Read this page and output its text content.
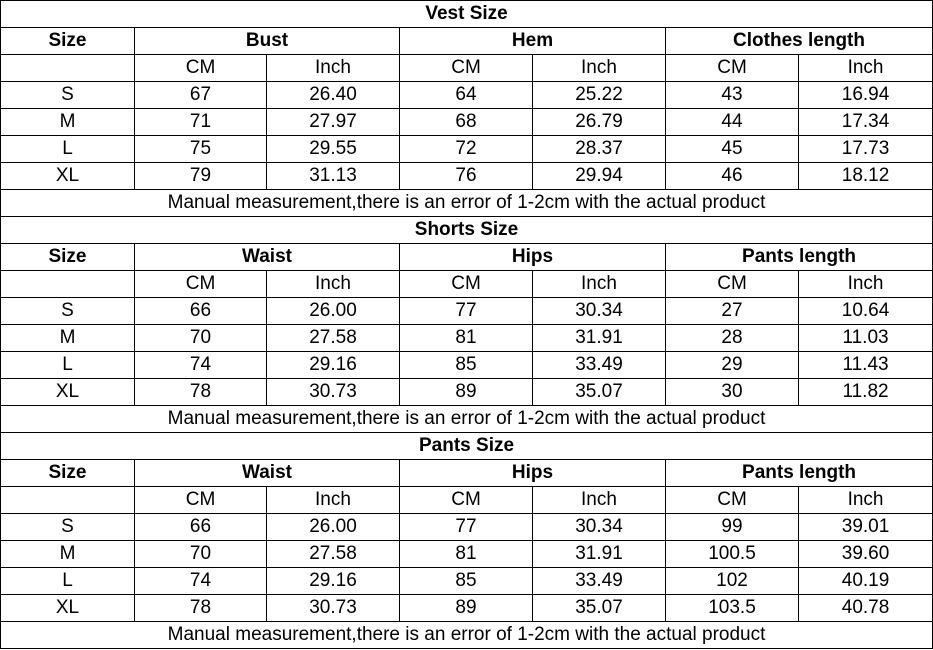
Vest Size						
Size	Bust		Hem		Clothes length	
	CM	Inch	CM	Inch	CM	Inch
S	67	26.40	64	25.22	43	16.94
M	71	27.97	68	26.79	44	17.34
L	75	29.55	72	28.37	45	17.73
XL	79	31.13	76	29.94	46	18.12
Manual measurement,there is an error of 1-2cm with the actual product						
Shorts Size						
Size	Waist		Hips		Pants length	
	CM	Inch	CM	Inch	CM	Inch
S	66	26.00	77	30.34	27	10.64
M	70	27.58	81	31.91	28	11.03
L	74	29.16	85	33.49	29	11.43
XL	78	30.73	89	35.07	30	11.82
Manual measurement,there is an error of 1-2cm with the actual product						
Pants Size						
Size	Waist		Hips		Pants length	
	CM	Inch	CM	Inch	CM	Inch
S	66	26.00	77	30.34	99	39.01
M	70	27.58	81	31.91	100.5	39.60
L	74	29.16	85	33.49	102	40.19
XL	78	30.73	89	35.07	103.5	40.78
Manual measurement,there is an error of 1-2cm with the actual product						
